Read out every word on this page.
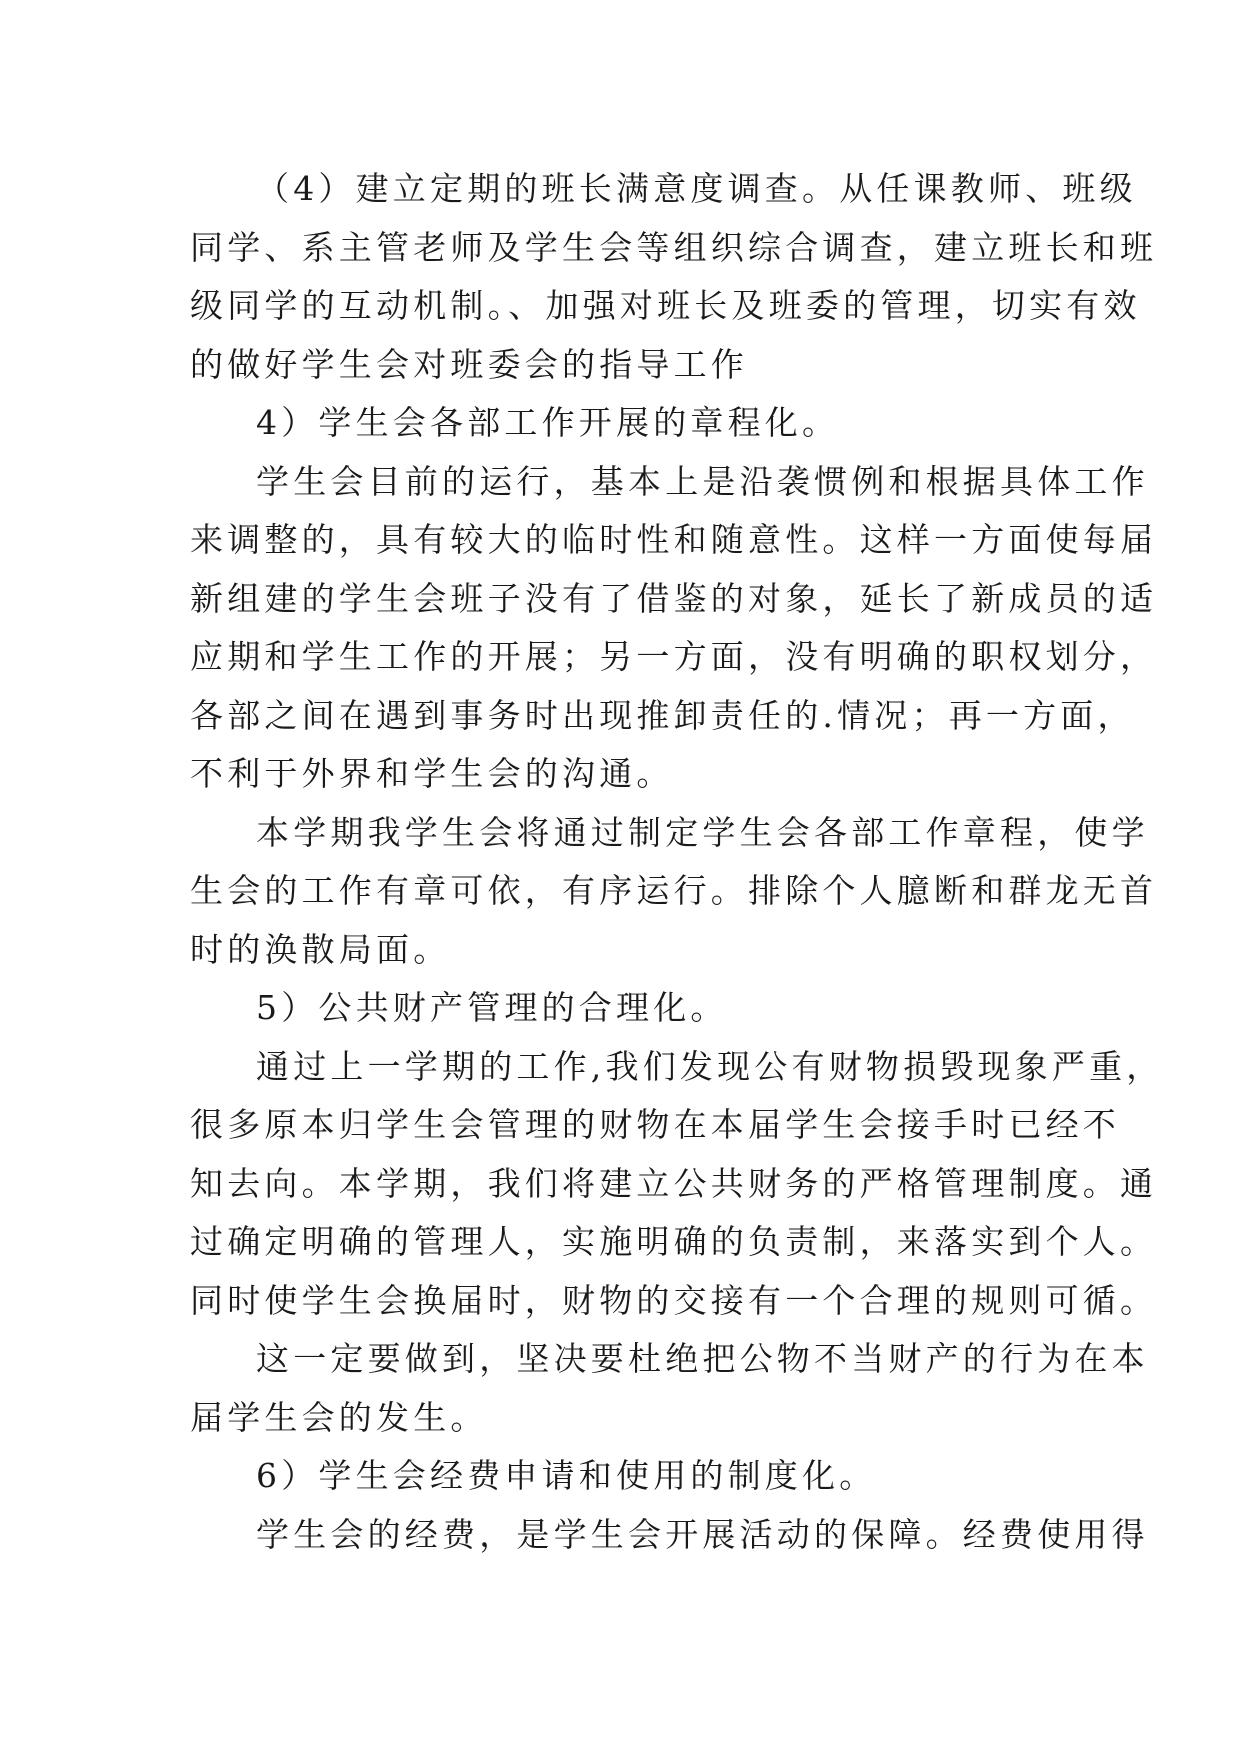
（4）建立定期的班长满意度调查。从任课教师、班级
同学、系主管老师及学生会等组织综合调查，建立班长和班
级同学的互动机制。、加强对班长及班委的管理，切实有效
的做好学生会对班委会的指导工作
4）学生会各部工作开展的章程化。
学生会目前的运行，基本上是沿袭惯例和根据具体工作
来调整的，具有较大的临时性和随意性。这样一方面使每届
新组建的学生会班子没有了借鉴的对象，延长了新成员的适
应期和学生工作的开展；另一方面，没有明确的职权划分，
各部之间在遇到事务时出现推卸责任的.情况；再一方面，
不利于外界和学生会的沟通。
本学期我学生会将通过制定学生会各部工作章程，使学
生会的工作有章可依，有序运行。排除个人臆断和群龙无首
时的涣散局面。
5）公共财产管理的合理化。
通过上一学期的工作,我们发现公有财物损毁现象严重，
很多原本归学生会管理的财物在本届学生会接手时已经不
知去向。本学期，我们将建立公共财务的严格管理制度。通
过确定明确的管理人，实施明确的负责制，来落实到个人。
同时使学生会换届时，财物的交接有一个合理的规则可循。
这一定要做到，坚决要杜绝把公物不当财产的行为在本
届学生会的发生。
6）学生会经费申请和使用的制度化。
学生会的经费，是学生会开展活动的保障。经费使用得
